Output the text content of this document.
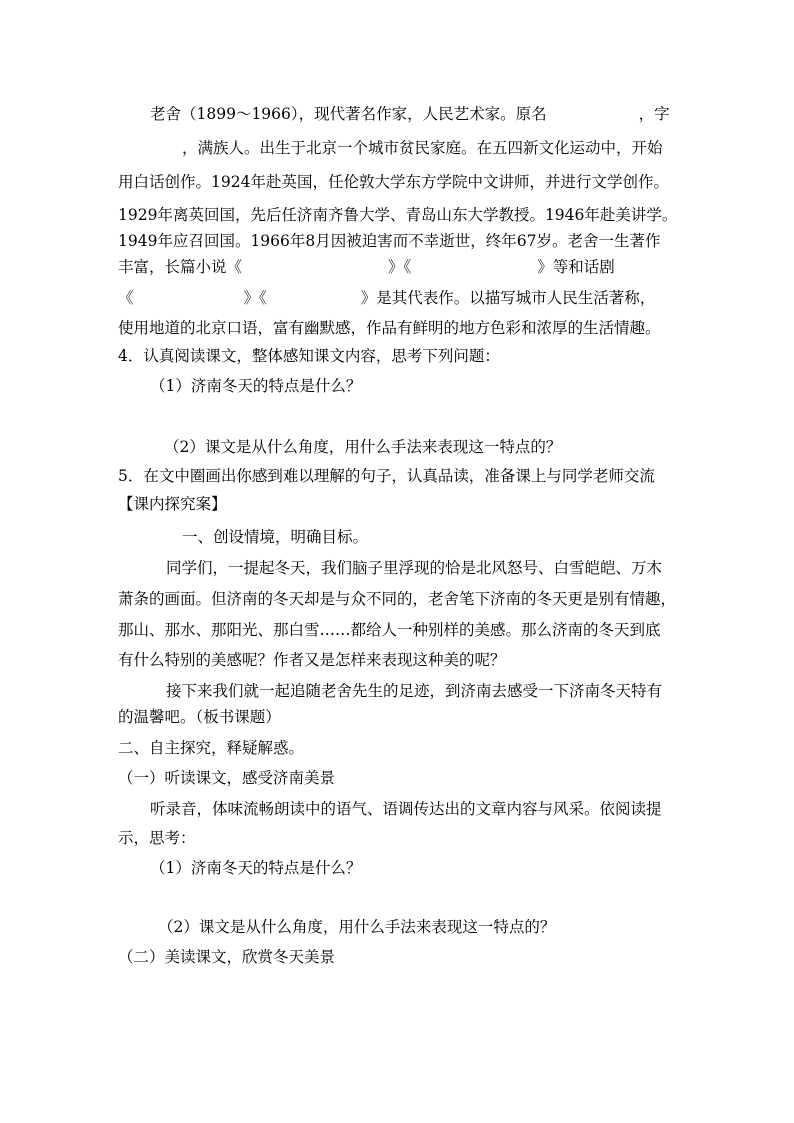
老舍（1899～1966），现代著名作家，人民艺术家。原名	，字

，满族人。出生于北京一个城市贫民家庭。在五四新文化运动中，开始

用白话创作。1924年赴英国，任伦敦大学东方学院中文讲师，并进行文学创作。

1929年离英回国，先后任济南齐鲁大学、青岛山东大学教授。1946年赴美讲学。

1949年应召回国。1966年8月因被迫害而不幸逝世，终年67岁。老舍一生著作

丰富，长篇小说《	》《	》等和话剧

《	》《	》是其代表作。以描写城市人民生活著称，

使用地道的北京口语，富有幽默感，作品有鲜明的地方色彩和浓厚的生活情趣。

4．认真阅读课文，整体感知课文内容，思考下列问题：

（1）济南冬天的特点是什么？

（2）课文是从什么角度，用什么手法来表现这一特点的？

5．在文中圈画出你感到难以理解的句子，认真品读，准备课上与同学老师交流

【课内探究案】

一、创设情境，明确目标。

同学们，一提起冬天，我们脑子里浮现的恰是北风怒号、白雪皑皑、万木

萧条的画面。但济南的冬天却是与众不同的，老舍笔下济南的冬天更是别有情趣，

那山、那水、那阳光、那白雪……都给人一种别样的美感。那么济南的冬天到底

有什么特别的美感呢？作者又是怎样来表现这种美的呢？

接下来我们就一起追随老舍先生的足迹，到济南去感受一下济南冬天特有

的温馨吧。（板书课题）

二、自主探究，释疑解惑。

（一）听读课文，感受济南美景

听录音，体味流畅朗读中的语气、语调传达出的文章内容与风采。依阅读提

示，思考：

（1）济南冬天的特点是什么？

（2）课文是从什么角度，用什么手法来表现这一特点的？

（二）美读课文，欣赏冬天美景
